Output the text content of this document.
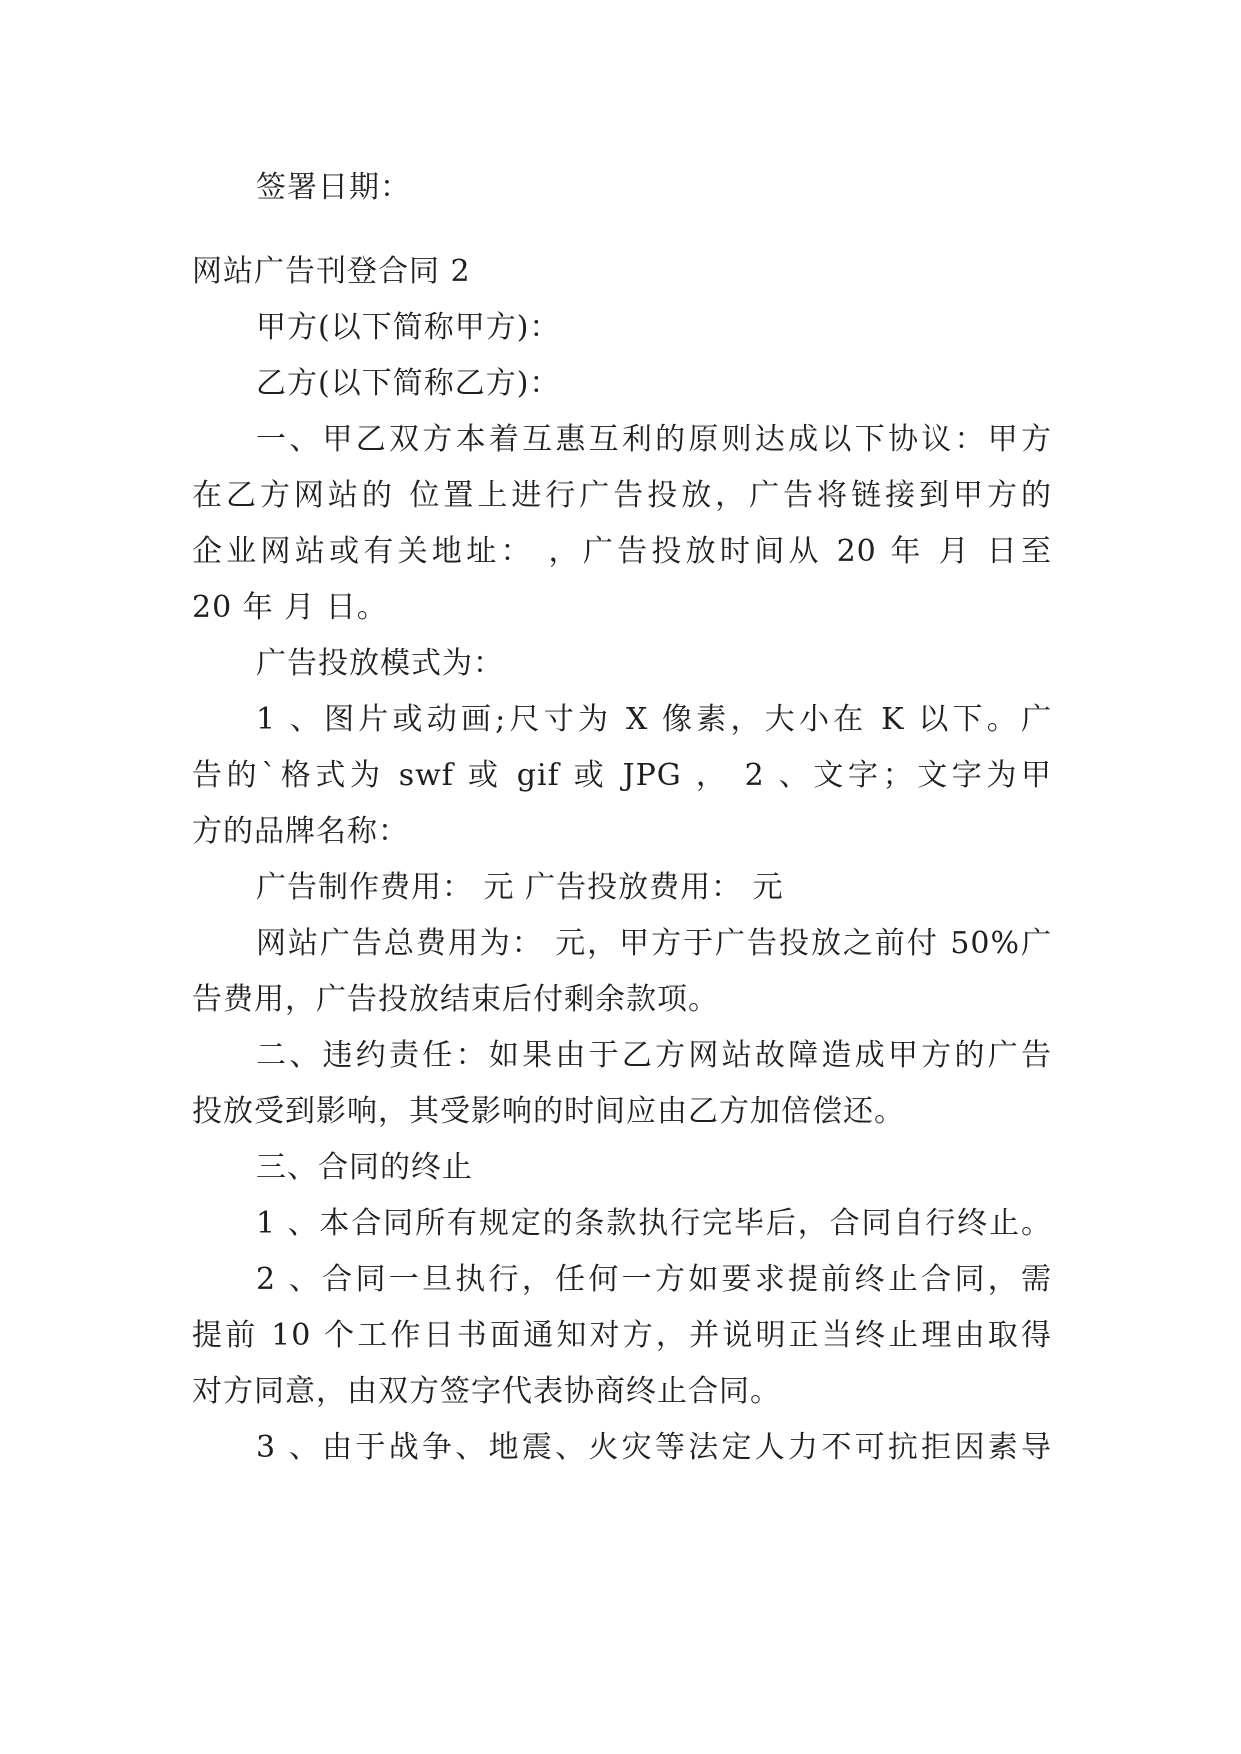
签署日期：
网站广告刊登合同 2
甲方(以下简称甲方)：
乙方(以下简称乙方)：
一、甲乙双方本着互惠互利的原则达成以下协议：甲方
在乙方网站的 位置上进行广告投放，广告将链接到甲方的
企业网站或有关地址： ，广告投放时间从 20 年 月 日至
20 年 月 日。
广告投放模式为：
1 、图片或动画;尺寸为 X 像素，大小在 K 以下。广
告的`格式为 swf 或 gif 或 JPG ， 2 、文字；文字为甲
方的品牌名称：
广告制作费用： 元 广告投放费用： 元
网站广告总费用为： 元，甲方于广告投放之前付 50%广
告费用，广告投放结束后付剩余款项。
二、违约责任：如果由于乙方网站故障造成甲方的广告
投放受到影响，其受影响的时间应由乙方加倍偿还。
三、合同的终止
1 、本合同所有规定的条款执行完毕后，合同自行终止。
2 、合同一旦执行，任何一方如要求提前终止合同，需
提前 10 个工作日书面通知对方，并说明正当终止理由取得
对方同意，由双方签字代表协商终止合同。
3 、由于战争、地震、火灾等法定人力不可抗拒因素导
